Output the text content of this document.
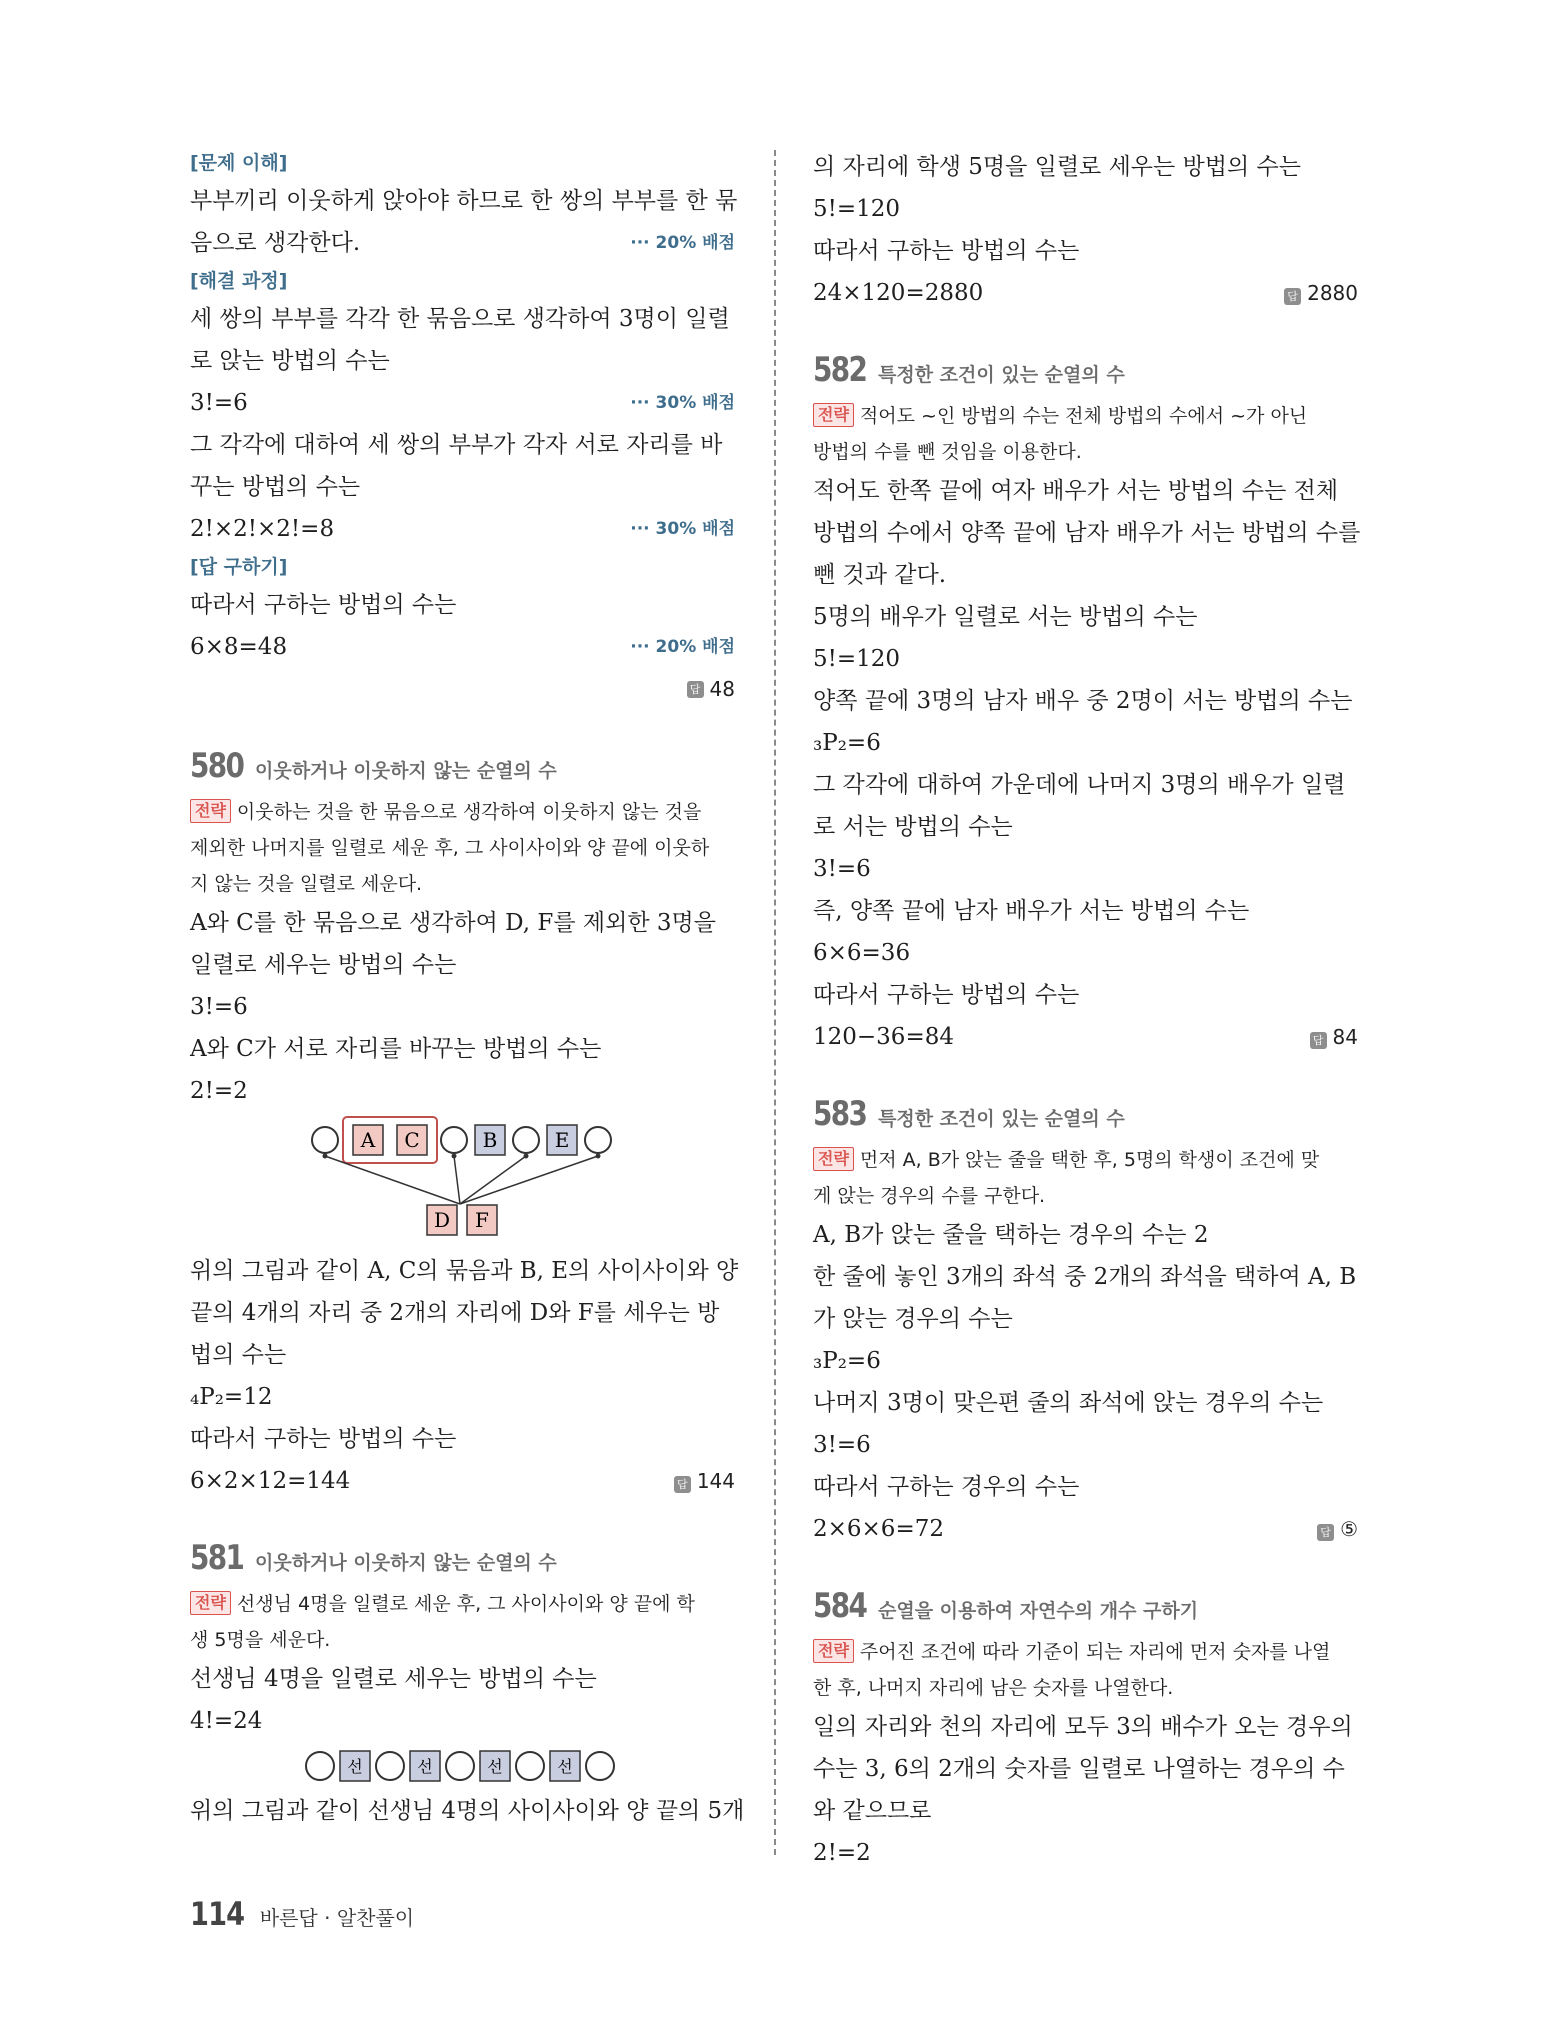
[문제 이해]
부부끼리 이웃하게 앉아야 하므로 한 쌍의 부부를 한 묶
음으로 생각한다.	··· 20% 배점
[해결 과정]
세 쌍의 부부를 각각 한 묶음으로 생각하여 3명이 일렬
로 앉는 방법의 수는
3!=6	··· 30% 배점
그 각각에 대하여 세 쌍의 부부가 각자 서로 자리를 바
꾸는 방법의 수는
2!×2!×2!=8	··· 30% 배점
[답 구하기]
따라서 구하는 방법의 수는
6×8=48	··· 20% 배점
답 48
580 이웃하거나 이웃하지 않는 순열의 수
전략 이웃하는 것을 한 묶음으로 생각하여 이웃하지 않는 것을
제외한 나머지를 일렬로 세운 후, 그 사이사이와 양 끝에 이웃하
지 않는 것을 일렬로 세운다.
A와 C를 한 묶음으로 생각하여 D, F를 제외한 3명을
일렬로 세우는 방법의 수는
3!=6
A와 C가 서로 자리를 바꾸는 방법의 수는
2!=2
A C	B	E
D F
위의 그림과 같이 A, C의 묶음과 B, E의 사이사이와 양
끝의 4개의 자리 중 2개의 자리에 D와 F를 세우는 방
법의 수는
₄P₂=12
따라서 구하는 방법의 수는
6×2×12=144	답 144
581 이웃하거나 이웃하지 않는 순열의 수
전략 선생님 4명을 일렬로 세운 후, 그 사이사이와 양 끝에 학
생 5명을 세운다.
선생님 4명을 일렬로 세우는 방법의 수는
4!=24
선	선	선	선
위의 그림과 같이 선생님 4명의 사이사이와 양 끝의 5개
의 자리에 학생 5명을 일렬로 세우는 방법의 수는
5!=120
따라서 구하는 방법의 수는
24×120=2880	답 2880
582 특정한 조건이 있는 순열의 수
전략 적어도 ~인 방법의 수는 전체 방법의 수에서 ~가 아닌
방법의 수를 뺀 것임을 이용한다.
적어도 한쪽 끝에 여자 배우가 서는 방법의 수는 전체
방법의 수에서 양쪽 끝에 남자 배우가 서는 방법의 수를
뺀 것과 같다.
5명의 배우가 일렬로 서는 방법의 수는
5!=120
양쪽 끝에 3명의 남자 배우 중 2명이 서는 방법의 수는
₃P₂=6
그 각각에 대하여 가운데에 나머지 3명의 배우가 일렬
로 서는 방법의 수는
3!=6
즉, 양쪽 끝에 남자 배우가 서는 방법의 수는
6×6=36
따라서 구하는 방법의 수는
120−36=84	답 84
583 특정한 조건이 있는 순열의 수
전략 먼저 A, B가 앉는 줄을 택한 후, 5명의 학생이 조건에 맞
게 앉는 경우의 수를 구한다.
A, B가 앉는 줄을 택하는 경우의 수는 2
한 줄에 놓인 3개의 좌석 중 2개의 좌석을 택하여 A, B
가 앉는 경우의 수는
₃P₂=6
나머지 3명이 맞은편 줄의 좌석에 앉는 경우의 수는
3!=6
따라서 구하는 경우의 수는
2×6×6=72	답 ⑤
584 순열을 이용하여 자연수의 개수 구하기
전략 주어진 조건에 따라 기준이 되는 자리에 먼저 숫자를 나열
한 후, 나머지 자리에 남은 숫자를 나열한다.
일의 자리와 천의 자리에 모두 3의 배수가 오는 경우의
수는 3, 6의 2개의 숫자를 일렬로 나열하는 경우의 수
와 같으므로
2!=2
114 바른답 · 알찬풀이
